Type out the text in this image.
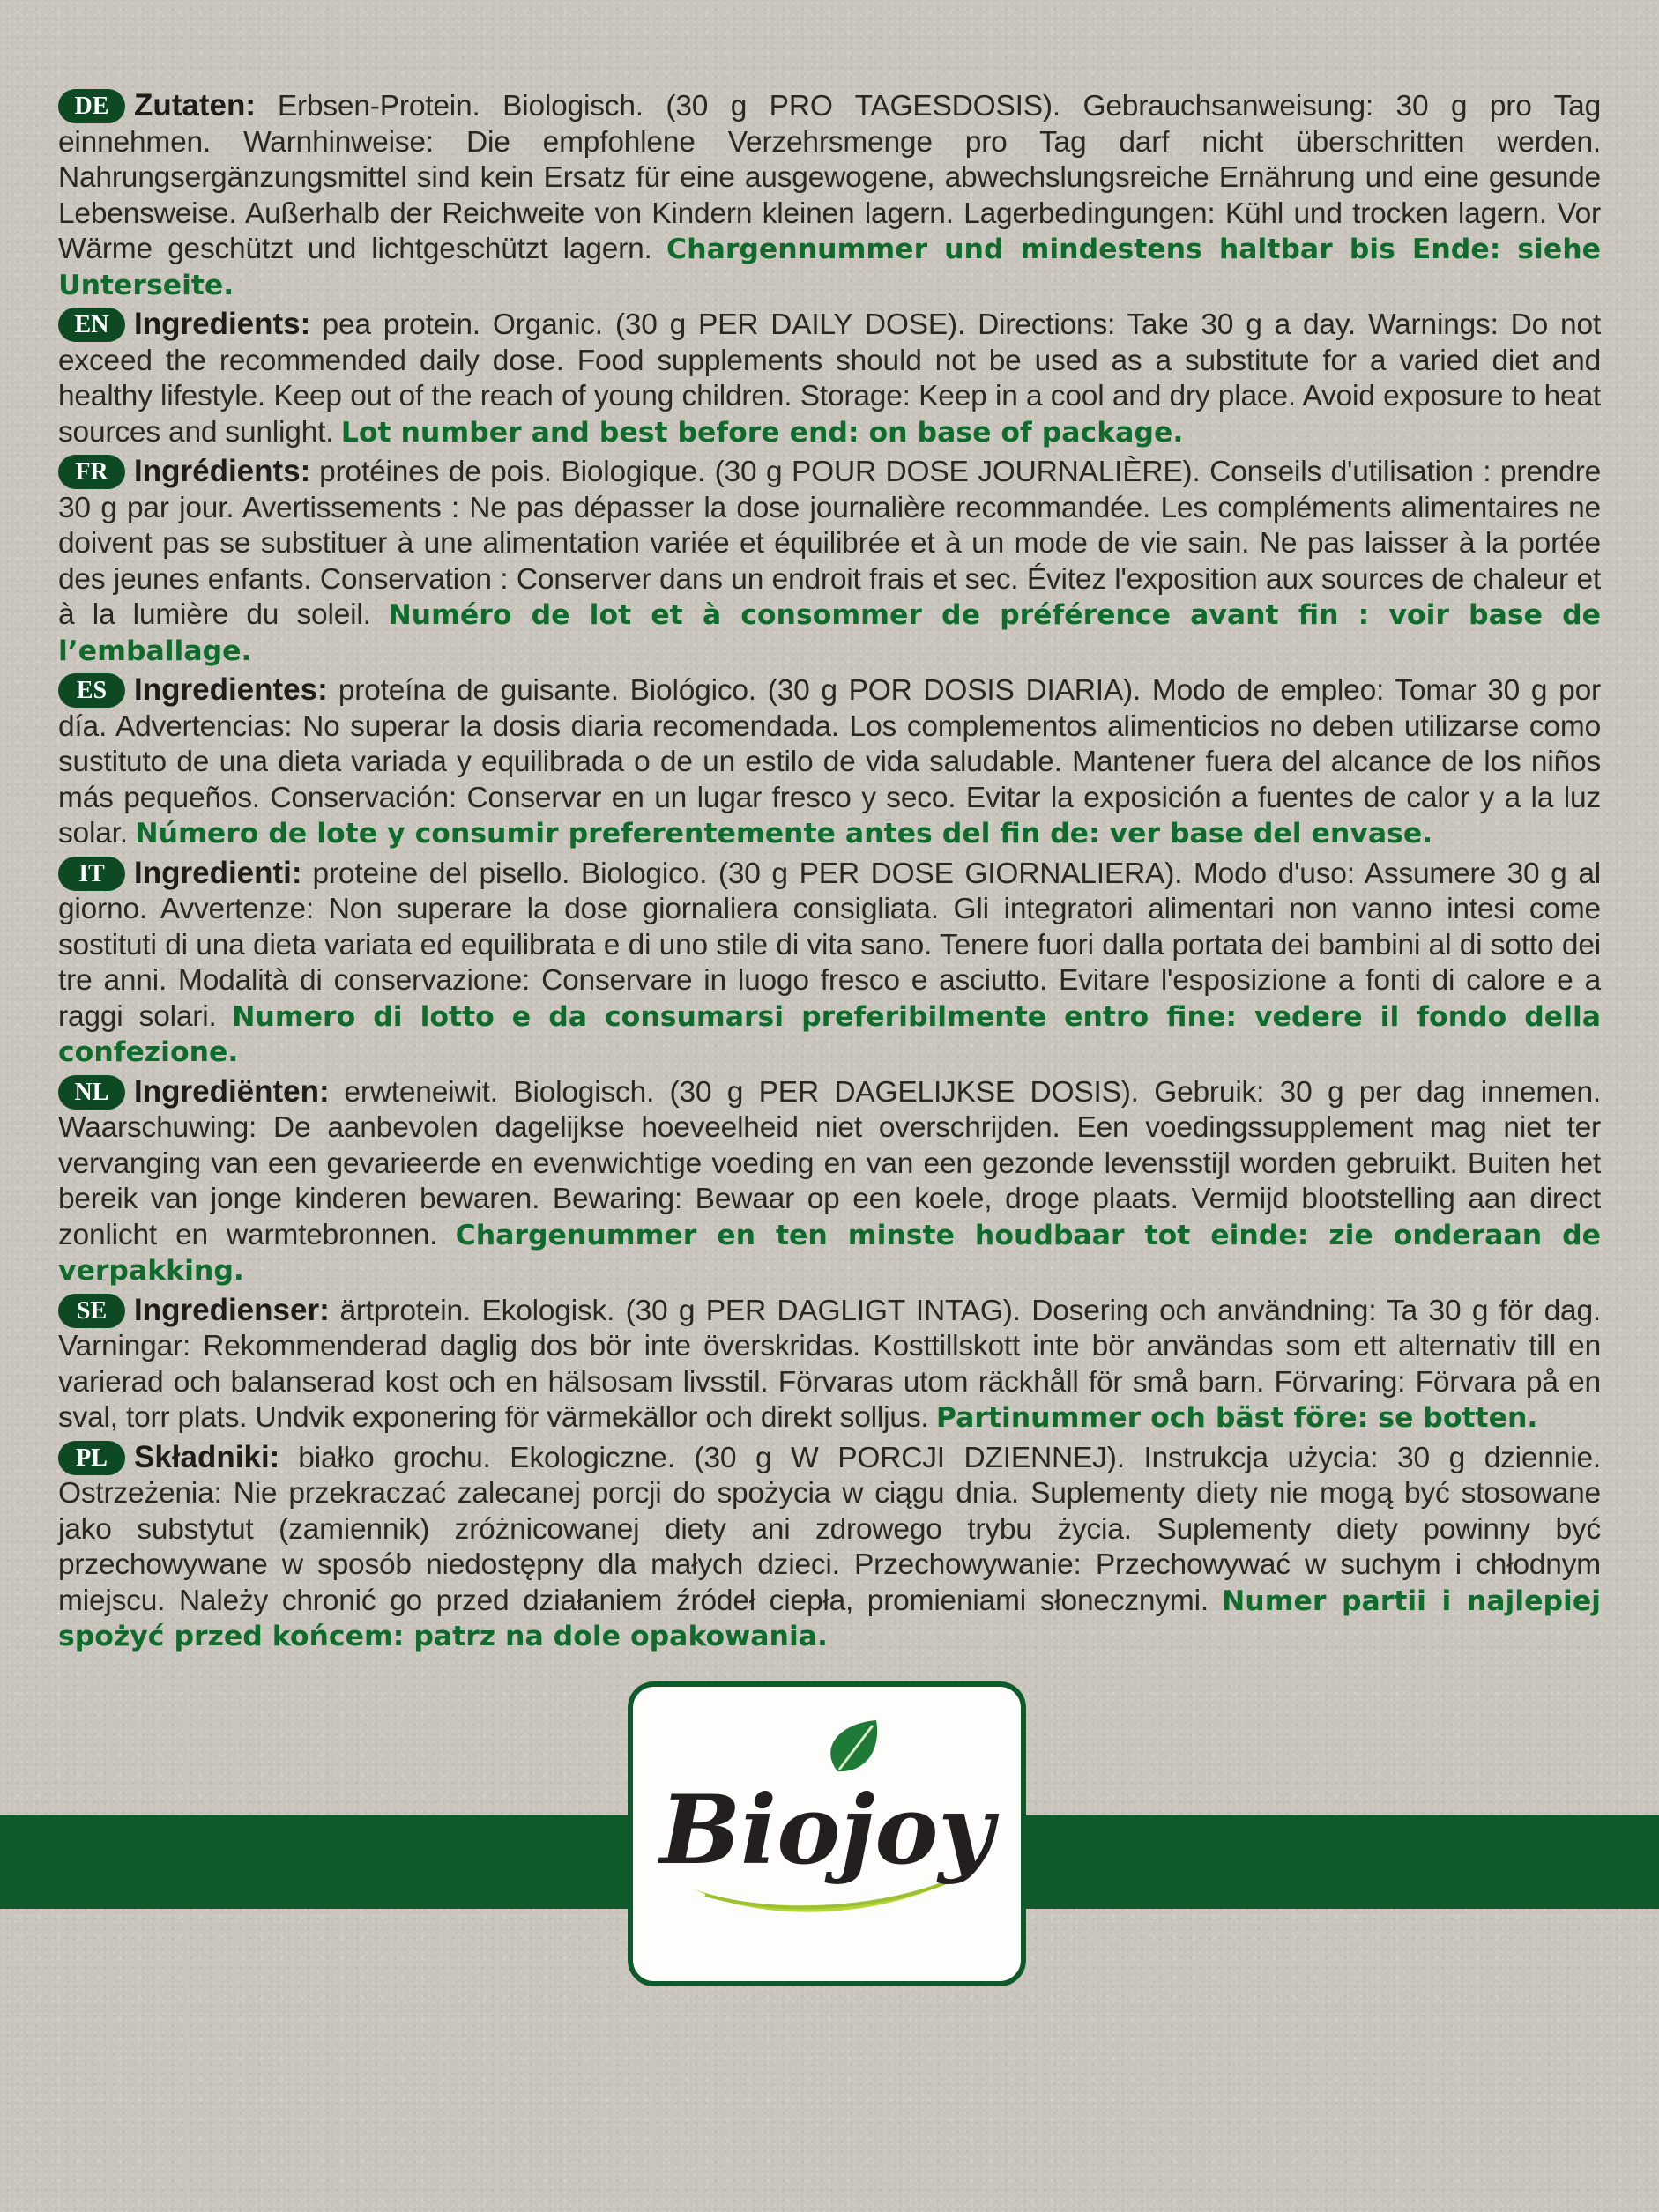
DE Zutaten: Erbsen-Protein. Biologisch. (30 g PRO TAGESDOSIS). Gebrauchsanweisung: 30 g pro Tag einnehmen. Warnhinweise: Die empfohlene Verzehrsmenge pro Tag darf nicht überschritten werden. Nahrungsergänzungsmittel sind kein Ersatz für eine ausgewogene, abwechslungsreiche Ernährung und eine gesunde Lebensweise. Außerhalb der Reichweite von Kindern kleinen lagern. Lagerbedingungen: Kühl und trocken lagern. Vor Wärme geschützt und lichtgeschützt lagern. Chargennummer und mindestens haltbar bis Ende: siehe Unterseite.
EN Ingredients: pea protein. Organic. (30 g PER DAILY DOSE). Directions: Take 30 g a day. Warnings: Do not exceed the recommended daily dose. Food supplements should not be used as a substitute for a varied diet and healthy lifestyle. Keep out of the reach of young children. Storage: Keep in a cool and dry place. Avoid exposure to heat sources and sunlight. Lot number and best before end: on base of package.
FR Ingrédients: protéines de pois. Biologique. (30 g POUR DOSE JOURNALIÈRE). Conseils d'utilisation : prendre 30 g par jour. Avertissements : Ne pas dépasser la dose journalière recommandée. Les compléments alimentaires ne doivent pas se substituer à une alimentation variée et équilibrée et à un mode de vie sain. Ne pas laisser à la portée des jeunes enfants. Conservation : Conserver dans un endroit frais et sec. Évitez l'exposition aux sources de chaleur et à la lumière du soleil. Numéro de lot et à consommer de préférence avant fin : voir base de l’emballage.
ES Ingredientes: proteína de guisante. Biológico. (30 g POR DOSIS DIARIA). Modo de empleo: Tomar 30 g por día. Advertencias: No superar la dosis diaria recomendada. Los complementos alimenticios no deben utilizarse como sustituto de una dieta variada y equilibrada o de un estilo de vida saludable. Mantener fuera del alcance de los niños más pequeños. Conservación: Conservar en un lugar fresco y seco. Evitar la exposición a fuentes de calor y a la luz solar. Número de lote y consumir preferentemente antes del fin de: ver base del envase.
IT Ingredienti: proteine del pisello. Biologico. (30 g PER DOSE GIORNALIERA). Modo d'uso: Assumere 30 g al giorno. Avvertenze: Non superare la dose giornaliera consigliata. Gli integratori alimentari non vanno intesi come sostituti di una dieta variata ed equilibrata e di uno stile di vita sano. Tenere fuori dalla portata dei bambini al di sotto dei tre anni. Modalità di conservazione: Conservare in luogo fresco e asciutto. Evitare l'esposizione a fonti di calore e a raggi solari. Numero di lotto e da consumarsi preferibilmente entro fine: vedere il fondo della confezione.
NL Ingrediënten: erwteneiwit. Biologisch. (30 g PER DAGELIJKSE DOSIS). Gebruik: 30 g per dag innemen. Waarschuwing: De aanbevolen dagelijkse hoeveelheid niet overschrijden. Een voedingssupplement mag niet ter vervanging van een gevarieerde en evenwichtige voeding en van een gezonde levensstijl worden gebruikt. Buiten het bereik van jonge kinderen bewaren. Bewaring: Bewaar op een koele, droge plaats. Vermijd blootstelling aan direct zonlicht en warmtebronnen. Chargenummer en ten minste houdbaar tot einde: zie onderaan de verpakking.
SE Ingredienser: ärtprotein. Ekologisk. (30 g PER DAGLIGT INTAG). Dosering och användning: Ta 30 g för dag. Varningar: Rekommenderad daglig dos bör inte överskridas. Kosttillskott inte bör användas som ett alternativ till en varierad och balanserad kost och en hälsosam livsstil. Förvaras utom räckhåll för små barn. Förvaring: Förvara på en sval, torr plats. Undvik exponering för värmekällor och direkt solljus. Partinummer och bäst före: se botten.
PL Składniki: białko grochu. Ekologiczne. (30 g W PORCJI DZIENNEJ). Instrukcja użycia: 30 g dziennie. Ostrzeżenia: Nie przekraczać zalecanej porcji do spożycia w ciągu dnia. Suplementy diety nie mogą być stosowane jako substytut (zamiennik) zróżnicowanej diety ani zdrowego trybu życia. Suplementy diety powinny być przechowywane w sposób niedostępny dla małych dzieci. Przechowywanie: Przechowywać w suchym i chłodnym miejscu. Należy chronić go przed działaniem źródeł ciepła, promieniami słonecznymi. Numer partii i najlepiej spożyć przed końcem: patrz na dole opakowania.
Biojoy
